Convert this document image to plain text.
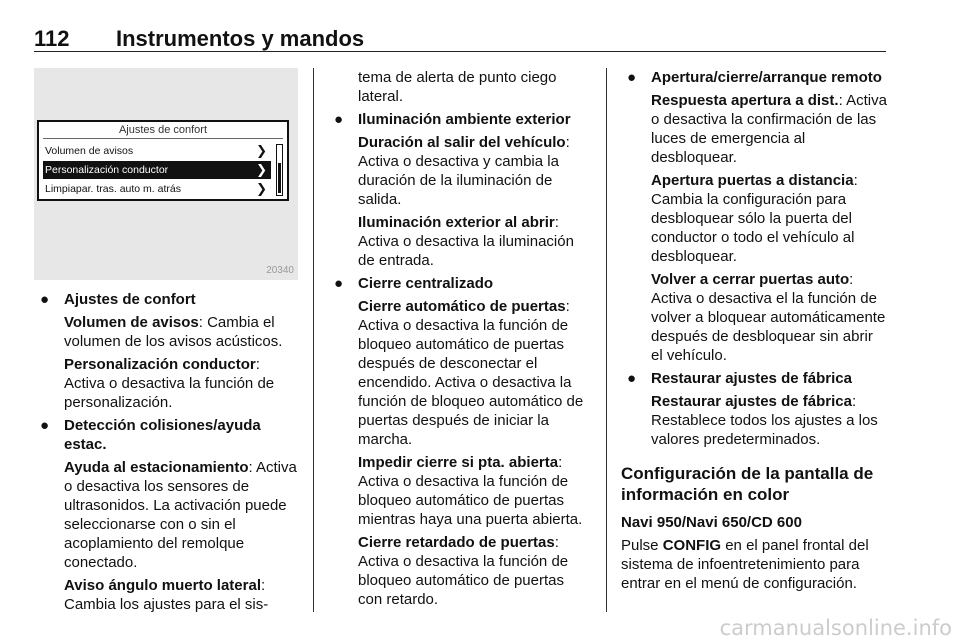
112 Instrumentos y mandos
Ajustes de confort
Volumen de avisos	❯
Personalización conductor	❯
Limpiapar. tras. auto m. atrás	❯
20340
● Ajustes de confort

Volumen de avisos: Cambia el volumen de los avisos acústicos.

Personalización conductor: Activa o desactiva la función de personalización.

● Detección colisiones/ayuda estac.

Ayuda al estacionamiento: Activa o desactiva los sensores de ultrasonidos. La activación puede seleccionarse con o sin el acoplamiento del remolque conectado.

Aviso ángulo muerto lateral: Cambia los ajustes para el sis-

tema de alerta de punto ciego lateral.

● Iluminación ambiente exterior

Duración al salir del vehículo: Activa o desactiva y cambia la duración de la iluminación de salida.

Iluminación exterior al abrir: Activa o desactiva la iluminación de entrada.

● Cierre centralizado

Cierre automático de puertas: Activa o desactiva la función de bloqueo automático de puertas después de desconectar el encendido. Activa o desactiva la función de bloqueo automático de puertas después de iniciar la marcha.

Impedir cierre si pta. abierta: Activa o desactiva la función de bloqueo automático de puertas mientras haya una puerta abierta.

Cierre retardado de puertas: Activa o desactiva la función de bloqueo automático de puertas con retardo.

● Apertura/cierre/arranque remoto

Respuesta apertura a dist.: Activa o desactiva la confirmación de las luces de emergencia al desbloquear.

Apertura puertas a distancia: Cambia la configuración para desbloquear sólo la puerta del conductor o todo el vehículo al desbloquear.

Volver a cerrar puertas auto: Activa o desactiva el la función de volver a bloquear automáticamente después de desbloquear sin abrir el vehículo.

● Restaurar ajustes de fábrica

Restaurar ajustes de fábrica: Restablece todos los ajustes a los valores predeterminados.

Configuración de la pantalla de información en color
Navi 950/Navi 650/CD 600

Pulse CONFIG en el panel frontal del sistema de infoentretenimiento para entrar en el menú de configuración.

carmanualsonline.info
